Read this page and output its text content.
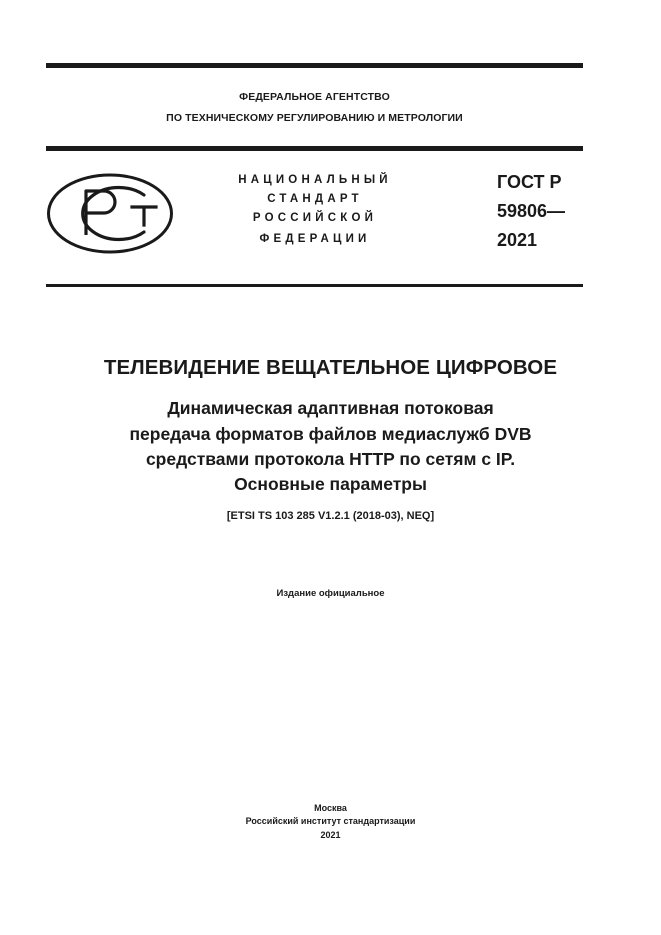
ФЕДЕРАЛЬНОЕ АГЕНТСТВО
ПО ТЕХНИЧЕСКОМУ РЕГУЛИРОВАНИЮ И МЕТРОЛОГИИ
НАЦИОНАЛЬНЫЙ
СТАНДАРТ
РОССИЙСКОЙ
ФЕДЕРАЦИИ
ГОСТ Р
59806—
2021
ТЕЛЕВИДЕНИЕ ВЕЩАТЕЛЬНОЕ ЦИФРОВОЕ
Динамическая адаптивная потоковая
передача форматов файлов медиаслужб DVB
средствами протокола HTTP по сетям с IP.
Основные параметры
[ETSI TS 103 285 V1.2.1 (2018-03), NEQ]
Издание официальное
Москва
Российский институт стандартизации
2021
